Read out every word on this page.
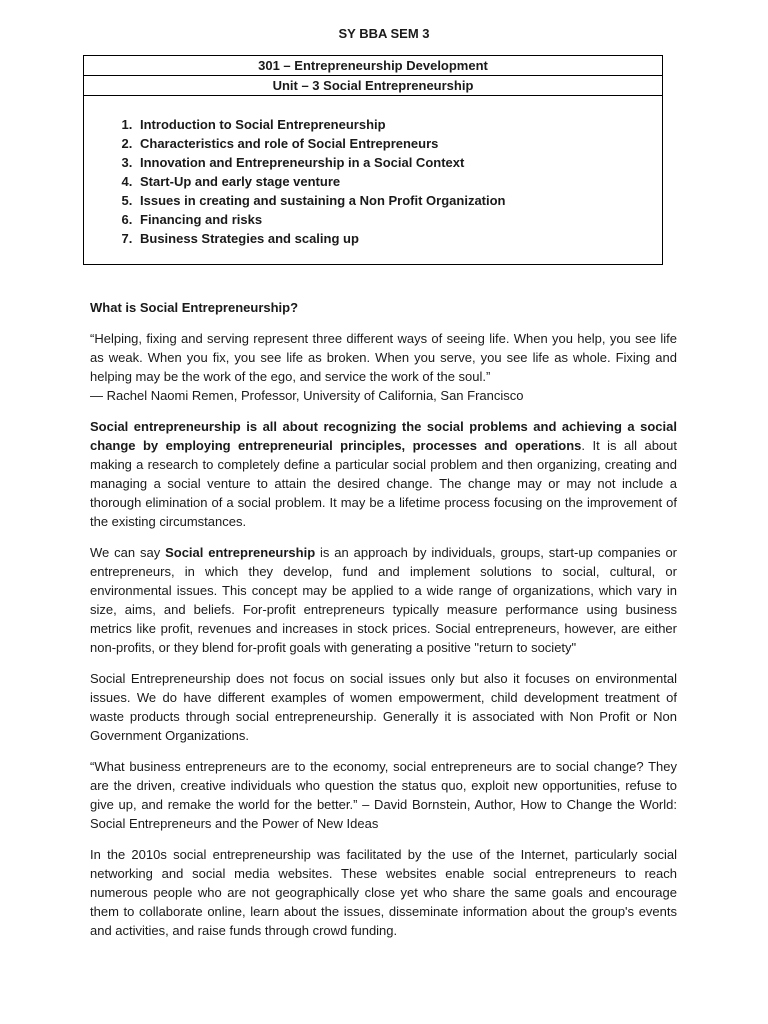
SY BBA SEM 3
301 – Entrepreneurship Development
Unit – 3 Social Entrepreneurship
1. Introduction to Social Entrepreneurship
2. Characteristics and role of Social Entrepreneurs
3. Innovation and Entrepreneurship in a Social Context
4. Start-Up and early stage venture
5. Issues in creating and sustaining a Non Profit Organization
6. Financing and risks
7. Business Strategies and scaling up
What is Social Entrepreneurship?

“Helping, fixing and serving represent three different ways of seeing life. When you help, you see life as weak. When you fix, you see life as broken. When you serve, you see life as whole. Fixing and helping may be the work of the ego, and service the work of the soul.”

— Rachel Naomi Remen, Professor, University of California, San Francisco

Social entrepreneurship is all about recognizing the social problems and achieving a social change by employing entrepreneurial principles, processes and operations. It is all about making a research to completely define a particular social problem and then organizing, creating and managing a social venture to attain the desired change. The change may or may not include a thorough elimination of a social problem. It may be a lifetime process focusing on the improvement of the existing circumstances.

We can say Social entrepreneurship is an approach by individuals, groups, start-up companies or entrepreneurs, in which they develop, fund and implement solutions to social, cultural, or environmental issues. This concept may be applied to a wide range of organizations, which vary in size, aims, and beliefs. For-profit entrepreneurs typically measure performance using business metrics like profit, revenues and increases in stock prices. Social entrepreneurs, however, are either non-profits, or they blend for-profit goals with generating a positive "return to society"

Social Entrepreneurship does not focus on social issues only but also it focuses on environmental issues. We do have different examples of women empowerment, child development treatment of waste products through social entrepreneurship. Generally it is associated with Non Profit or Non Government Organizations.

“What business entrepreneurs are to the economy, social entrepreneurs are to social change? They are the driven, creative individuals who question the status quo, exploit new opportunities, refuse to give up, and remake the world for the better.” – David Bornstein, Author, How to Change the World: Social Entrepreneurs and the Power of New Ideas

In the 2010s social entrepreneurship was facilitated by the use of the Internet, particularly social networking and social media websites. These websites enable social entrepreneurs to reach numerous people who are not geographically close yet who share the same goals and encourage them to collaborate online, learn about the issues, disseminate information about the group's events and activities, and raise funds through crowd funding.
